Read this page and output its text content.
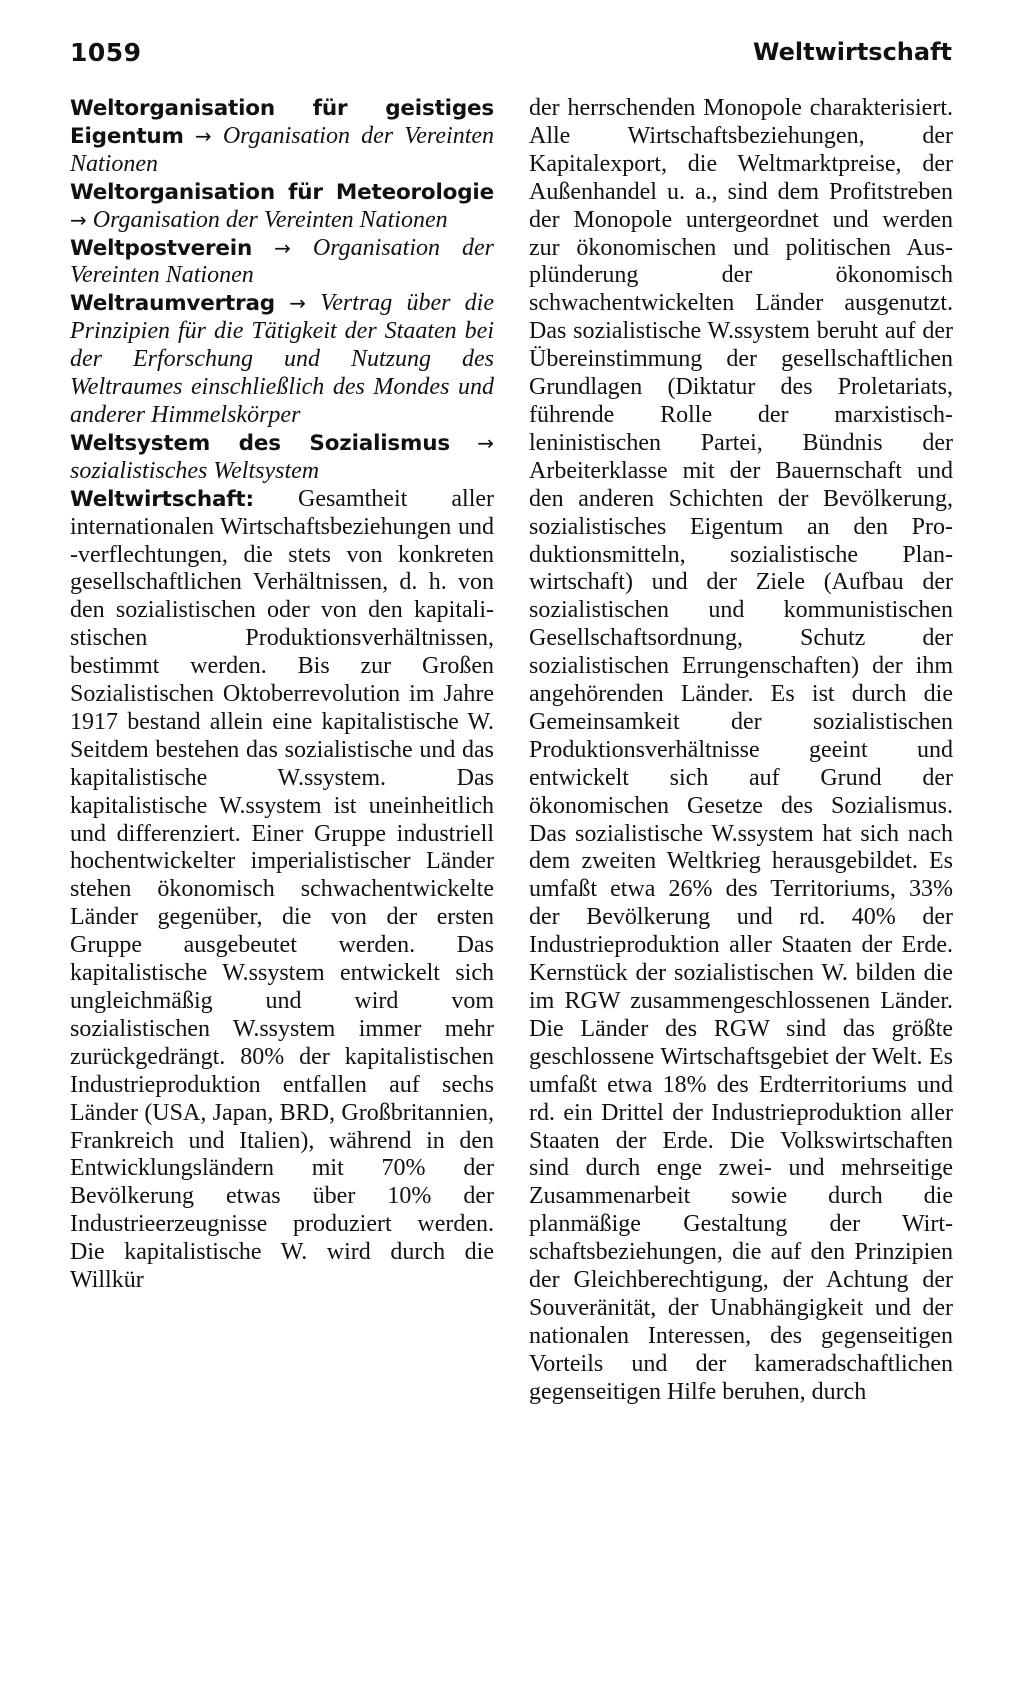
1059	Weltwirtschaft

Weltorganisation für geistiges Eigentum → Organisation der Vereinten Nationen

Weltorganisation für Meteorologie → Organisation der Vereinten Nationen

Weltpostverein → Organisation der Vereinten Nationen

Weltraumvertrag → Vertrag über die Prinzipien für die Tätigkeit der Staaten bei der Erforschung und Nutzung des Weltraumes einschließlich des Mondes und anderer Himmelskörper

Weltsystem des Sozialismus → sozialistisches Weltsystem

Weltwirtschaft: Gesamtheit aller internationalen Wirtschaftsbeziehungen und -verflechtungen, die stets von konkreten gesellschaftlichen Verhältnissen, d. h. von den sozialistischen oder von den kapitalistischen Produktionsverhältnissen, bestimmt werden. Bis zur Großen Sozialistischen Oktoberrevolution im Jahre 1917 bestand allein eine kapitalistische W. Seitdem bestehen das sozialistische und das kapitalistische W.ssystem. Das kapitalistische W.ssystem ist uneinheitlich und differenziert. Einer Gruppe industriell hochentwickelter imperialistischer Länder stehen ökonomisch schwachentwickelte Länder gegenüber, die von der ersten Gruppe ausgebeutet werden. Das kapitalistische W.ssystem entwickelt sich ungleichmäßig und wird vom sozialistischen W.ssystem immer mehr zurückgedrängt. 80% der kapitalistischen Industrieproduktion entfallen auf sechs Länder (USA, Japan, BRD, Großbritannien, Frankreich und Italien), während in den Entwicklungsländern mit 70% der Bevölkerung etwas über 10% der Industrieerzeugnisse produziert werden. Die kapitalistische W. wird durch die Willkür

der herrschenden Monopole charakterisiert. Alle Wirtschaftsbeziehungen, der Kapitalexport, die Weltmarktpreise, der Außenhandel u. a., sind dem Profitstreben der Monopole untergeordnet und werden zur ökonomischen und politischen Ausplünderung der ökonomisch schwachentwickelten Länder ausgenutzt. Das sozialistische W.ssystem beruht auf der Übereinstimmung der gesellschaftlichen Grundlagen (Diktatur des Proletariats, führende Rolle der marxistisch-leninistischen Partei, Bündnis der Arbeiterklasse mit der Bauernschaft und den anderen Schichten der Bevölkerung, sozialistisches Eigentum an den Produktionsmitteln, sozialistische Planwirtschaft) und der Ziele (Aufbau der sozialistischen und kommunistischen Gesellschaftsordnung, Schutz der sozialistischen Errungenschaften) der ihm angehörenden Länder. Es ist durch die Gemeinsamkeit der sozialistischen Produktionsverhältnisse geeint und entwickelt sich auf Grund der ökonomischen Gesetze des Sozialismus. Das sozialistische W.ssystem hat sich nach dem zweiten Weltkrieg herausgebildet. Es umfaßt etwa 26% des Territoriums, 33% der Bevölkerung und rd. 40% der Industrieproduktion aller Staaten der Erde. Kernstück der sozialistischen W. bilden die im RGW zusammengeschlossenen Länder. Die Länder des RGW sind das größte geschlossene Wirtschaftsgebiet der Welt. Es umfaßt etwa 18% des Erdterritoriums und rd. ein Drittel der Industrieproduktion aller Staaten der Erde. Die Volkswirtschaften sind durch enge zwei- und mehrseitige Zusammenarbeit sowie durch die planmäßige Gestaltung der Wirtschaftsbeziehungen, die auf den Prinzipien der Gleichberechtigung, der Achtung der Souveränität, der Unabhängigkeit und der nationalen Interessen, des gegenseitigen Vorteils und der kameradschaftlichen gegenseitigen Hilfe beruhen, durch
